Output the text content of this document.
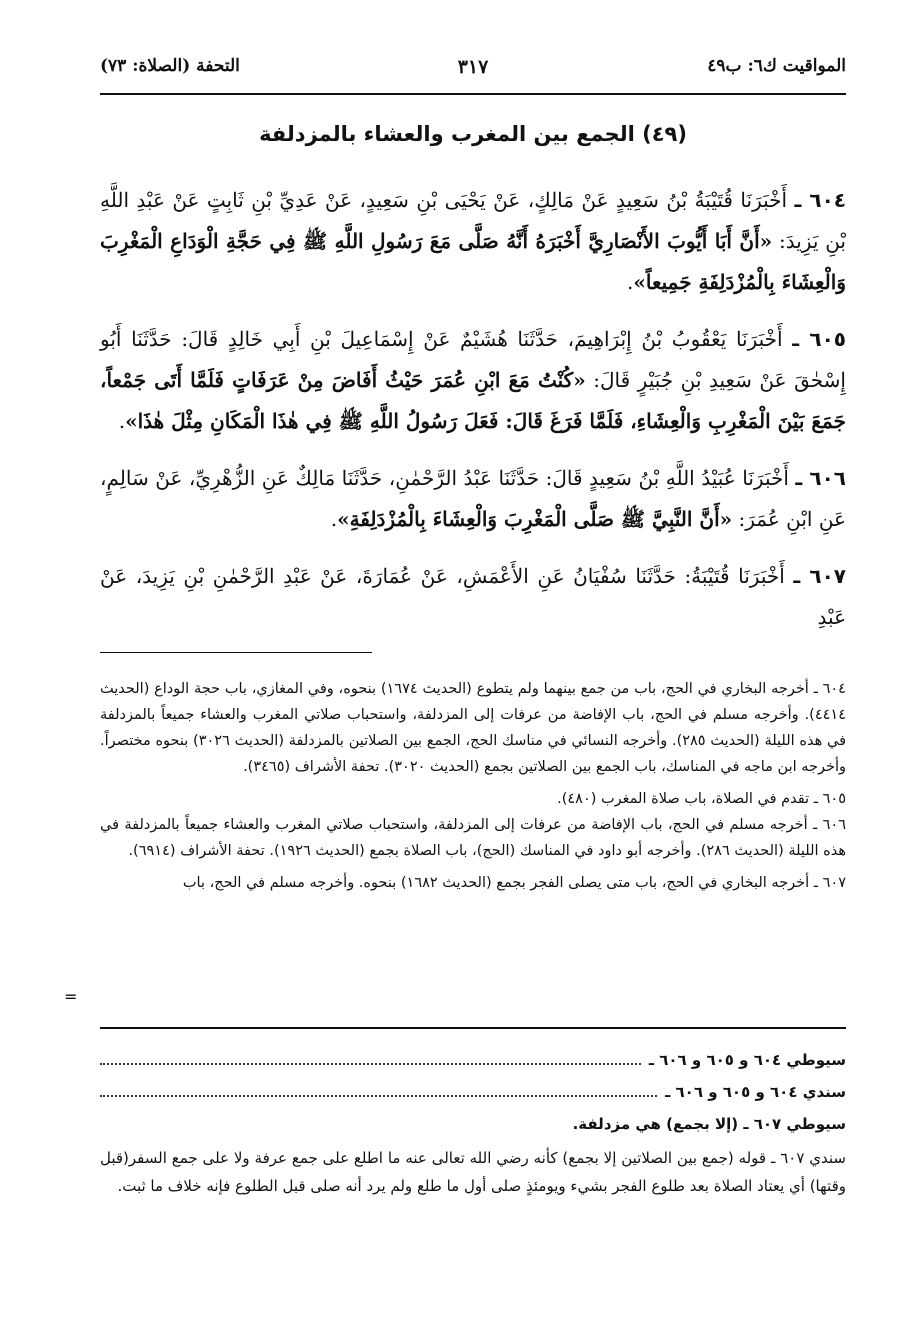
المواقيت ك٦: ب٤٩
٣١٧
التحفة (الصلاة: ٧٣)
(٤٩) الجمع بين المغرب والعشاء بالمزدلفة

٦٠٤ ـ أَخْبَرَنَا قُتَيْبَةُ بْنُ سَعِيدٍ عَنْ مَالِكٍ، عَنْ يَحْيَى بْنِ سَعِيدٍ، عَنْ عَدِيِّ بْنِ ثَابِتٍ عَنْ عَبْدِ اللَّهِ بْنِ يَزِيدَ: «أَنَّ أَبَا أَيُّوبَ الأَنْصَارِيَّ أَخْبَرَهُ أَنَّهُ صَلَّى مَعَ رَسُولِ اللَّهِ ﷺ فِي حَجَّةِ الْوَدَاعِ الْمَغْرِبَ وَالْعِشَاءَ بِالْمُزْدَلِفَةِ جَمِيعاً».

٦٠٥ ـ أَخْبَرَنَا يَعْقُوبُ بْنُ إِبْرَاهِيمَ، حَدَّثَنَا هُشَيْمٌ عَنْ إِسْمَاعِيلَ بْنِ أَبِي خَالِدٍ قَالَ: حَدَّثَنَا أَبُو إِسْحٰقَ عَنْ سَعِيدِ بْنِ جُبَيْرٍ قَالَ: «كُنْتُ مَعَ ابْنِ عُمَرَ حَيْثُ أَفَاضَ مِنْ عَرَفَاتٍ فَلَمَّا أَتَى جَمْعاً، جَمَعَ بَيْنَ الْمَغْرِبِ وَالْعِشَاءِ، فَلَمَّا فَرَغَ قَالَ: فَعَلَ رَسُولُ اللَّهِ ﷺ فِي هٰذَا الْمَكَانِ مِثْلَ هٰذَا».

٦٠٦ ـ أَخْبَرَنَا عُبَيْدُ اللَّهِ بْنُ سَعِيدٍ قَالَ: حَدَّثَنَا عَبْدُ الرَّحْمٰنِ، حَدَّثَنَا مَالِكٌ عَنِ الزُّهْرِيِّ، عَنْ سَالِمٍ، عَنِ ابْنِ عُمَرَ: «أَنَّ النَّبِيَّ ﷺ صَلَّى الْمَغْرِبَ وَالْعِشَاءَ بِالْمُزْدَلِفَةِ».

٦٠٧ ـ أَخْبَرَنَا قُتَيْبَةُ: حَدَّثَنَا سُفْيَانُ عَنِ الأَعْمَشِ، عَنْ عُمَارَةَ، عَنْ عَبْدِ الرَّحْمٰنِ بْنِ يَزِيدَ، عَنْ عَبْدِ

٦٠٤ ـ أخرجه البخاري في الحج، باب من جمع بينهما ولم يتطوع (الحديث ١٦٧٤) بنحوه، وفي المغازي، باب حجة الوداع (الحديث ٤٤١٤). وأخرجه مسلم في الحج، باب الإفاضة من عرفات إلى المزدلفة، واستحباب صلاتي المغرب والعشاء جميعاً بالمزدلفة في هذه الليلة (الحديث ٢٨٥). وأخرجه النسائي في مناسك الحج، الجمع بين الصلاتين بالمزدلفة (الحديث ٣٠٢٦) بنحوه مختصراً. وأخرجه ابن ماجه في المناسك، باب الجمع بين الصلاتين بجمع (الحديث ٣٠٢٠). تحفة الأشراف (٣٤٦٥).

٦٠٥ ـ تقدم في الصلاة، باب صلاة المغرب (٤٨٠).

٦٠٦ ـ أخرجه مسلم في الحج، باب الإفاضة من عرفات إلى المزدلفة، واستحباب صلاتي المغرب والعشاء جميعاً بالمزدلفة في هذه الليلة (الحديث ٢٨٦). وأخرجه أبو داود في المناسك (الحج)، باب الصلاة بجمع (الحديث ١٩٢٦). تحفة الأشراف (٦٩١٤).

٦٠٧ ـ أخرجه البخاري في الحج، باب متى يصلى الفجر بجمع (الحديث ١٦٨٢) بنحوه. وأخرجه مسلم في الحج، باب

=
سيوطي ٦٠٤ و ٦٠٥ و ٦٠٦ ـ
سندي ٦٠٤ و ٦٠٥ و ٦٠٦ ـ
سيوطي ٦٠٧ ـ (إلا بجمع) هي مزدلفة.

سندي ٦٠٧ ـ قوله (جمع بين الصلاتين إلا بجمع) كأنه رضي الله تعالى عنه ما اطلع على جمع عرفة ولا على جمع السفر(قبل وقتها) أي يعتاد الصلاة بعد طلوع الفجر بشيء ويومئذٍ صلى أول ما طلع ولم يرد أنه صلى قبل الطلوع فإنه خلاف ما ثبت.
